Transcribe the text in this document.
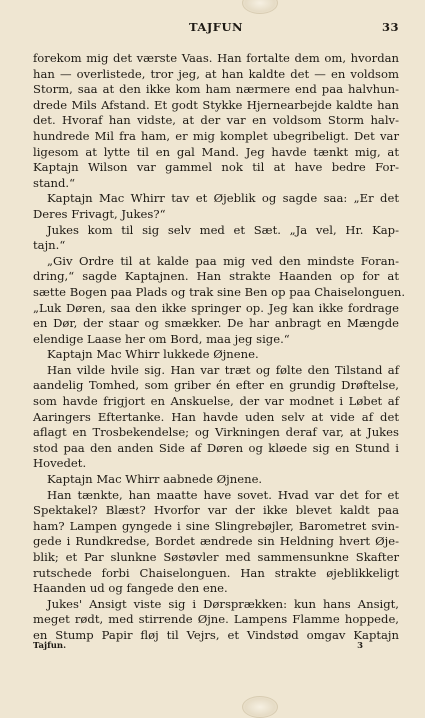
TAJFUN	33
forekom mig det værste Vaas. Han fortalte dem om, hvordan
han — overlistede, tror jeg, at han kaldte det — en voldsom
Storm, saa at den ikke kom ham nærmere end paa halvhun-
drede Mils Afstand. Et godt Stykke Hjernearbejde kaldte han
det. Hvoraf han vidste, at der var en voldsom Storm halv-
hundrede Mil fra ham, er mig komplet ubegribeligt. Det var
ligesom at lytte til en gal Mand. Jeg havde tænkt mig, at
Kaptajn Wilson var gammel nok til at have bedre For-
stand.“
Kaptajn Mac Whirr tav et Øjeblik og sagde saa: „Er det
Deres Frivagt, Jukes?“
Jukes kom til sig selv med et Sæt. „Ja vel, Hr. Kap-
tajn.“
„Giv Ordre til at kalde paa mig ved den mindste Foran-
dring,“ sagde Kaptajnen. Han strakte Haanden op for at
sætte Bogen paa Plads og trak sine Ben op paa Chaiselonguen.
„Luk Døren, saa den ikke springer op. Jeg kan ikke fordrage
en Dør, der staar og smækker. De har anbragt en Mængde
elendige Laase her om Bord, maa jeg sige.“
Kaptajn Mac Whirr lukkede Øjnene.
Han vilde hvile sig. Han var træt og følte den Tilstand af
aandelig Tomhed, som griber én efter en grundig Drøftelse,
som havde frigjort en Anskuelse, der var modnet i Løbet af
Aaringers Eftertanke. Han havde uden selv at vide af det
aflagt en Trosbekendelse; og Virkningen deraf var, at Jukes
stod paa den anden Side af Døren og kløede sig en Stund i
Hovedet.
Kaptajn Mac Whirr aabnede Øjnene.
Han tænkte, han maatte have sovet. Hvad var det for et
Spektakel? Blæst? Hvorfor var der ikke blevet kaldt paa
ham? Lampen gyngede i sine Slingrebøjler, Barometret svin-
gede i Rundkredse, Bordet ændrede sin Heldning hvert Øje-
blik; et Par slunkne Søstøvler med sammensunkne Skafter
rutschede forbi Chaiselonguen. Han strakte øjeblikkeligt
Haanden ud og fangede den ene.
Jukes' Ansigt viste sig i Dørsprækken: kun hans Ansigt,
meget rødt, med stirrende Øjne. Lampens Flamme hoppede,
en Stump Papir fløj til Vejrs, et Vindstød omgav Kaptajn
Tajfun.	3
